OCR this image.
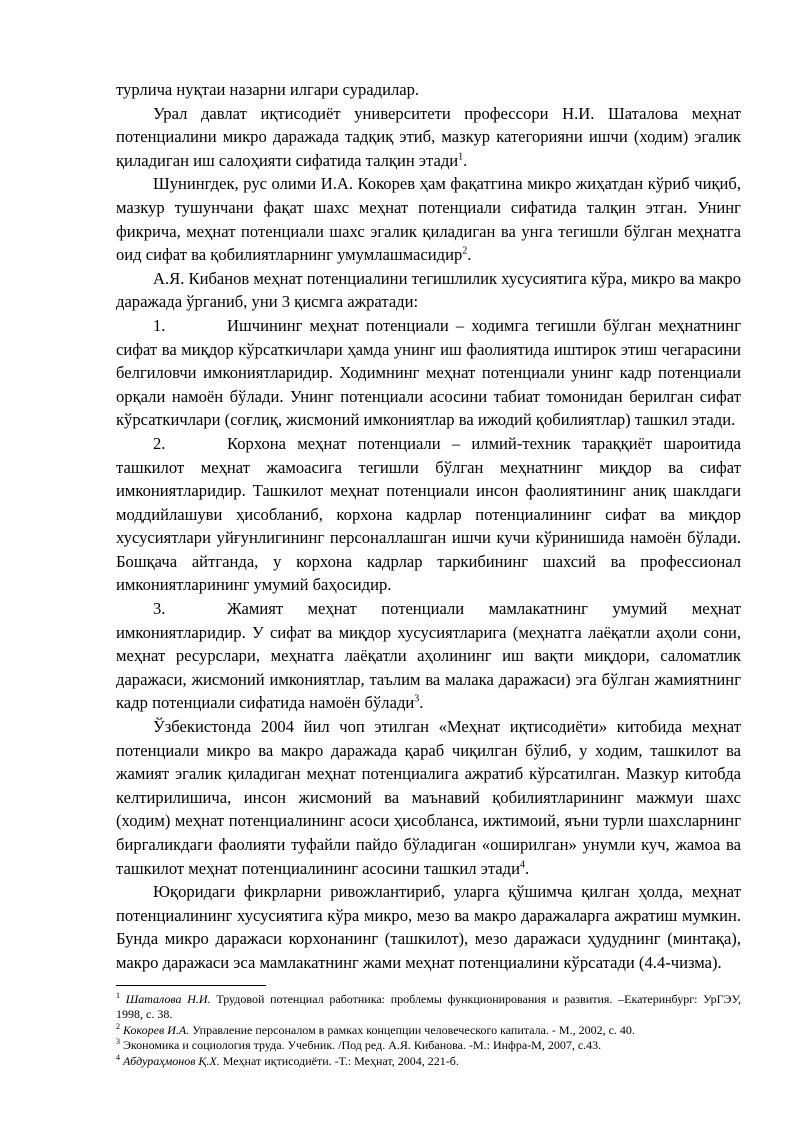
турлича нуқтаи назарни илгари сурадилар.

Урал давлат иқтисодиёт университети профессори Н.И. Шаталова меҳнат потенциалини микро даражада тадқиқ этиб, мазкур категорияни ишчи (ходим) эгалик қиладиган иш салоҳияти сифатида талқин этади$^1$.

Шунингдек, рус олими И.А. Кокорев ҳам фақатгина микро жиҳатдан кўриб чиқиб, мазкур тушунчани фақат шахс меҳнат потенциали сифатида талқин этган. Унинг фикрича, меҳнат потенциали шахс эгалик қиладиган ва унга тегишли бўлган меҳнатга оид сифат ва қобилиятларнинг умумлашмасидир$^2$.

А.Я. Кибанов меҳнат потенциалини тегишлилик хусусиятига кўра, микро ва макро даражада ўрганиб, уни 3 қисмга ажратади:

1.	Ишчининг меҳнат потенциали – ходимга тегишли бўлган меҳнатнинг сифат ва миқдор кўрсаткичлари ҳамда унинг иш фаолиятида иштирок этиш чегарасини белгиловчи имкониятларидир. Ходимнинг меҳнат потенциали унинг кадр потенциали орқали намоён бўлади. Унинг потенциали асосини табиат томонидан берилган сифат кўрсаткичлари (соғлиқ, жисмоний имкониятлар ва ижодий қобилиятлар) ташкил этади.

2.	Корхона меҳнат потенциали – илмий-техник тараққиёт шароитида ташкилот меҳнат жамоасига тегишли бўлган меҳнатнинг миқдор ва сифат имкониятларидир. Ташкилот меҳнат потенциали инсон фаолиятининг аниқ шаклдаги моддийлашуви ҳисобланиб, корхона кадрлар потенциалининг сифат ва миқдор хусусиятлари уйғунлигининг персоналлашган ишчи кучи кўринишида намоён бўлади. Бошқача айтганда, у корхона кадрлар таркибининг шахсий ва профессионал имкониятларининг умумий баҳосидир.

3.	Жамият меҳнат потенциали мамлакатнинг умумий меҳнат имкониятларидир. У сифат ва миқдор хусусиятларига (меҳнатга лаёқатли аҳоли сони, меҳнат ресурслари, меҳнатга лаёқатли аҳолининг иш вақти миқдори, саломатлик даражаси, жисмоний имкониятлар, таълим ва малака даражаси) эга бўлган жамиятнинг кадр потенциали сифатида намоён бўлади$^3$.

Ўзбекистонда 2004 йил чоп этилган «Меҳнат иқтисодиёти» китобида меҳнат потенциали микро ва макро даражада қараб чиқилган бўлиб, у ходим, ташкилот ва жамият эгалик қиладиган меҳнат потенциалига ажратиб кўрсатилган. Мазкур китобда келтирилишича, инсон жисмоний ва маънавий қобилиятларининг мажмуи шахс (ходим) меҳнат потенциалининг асоси ҳисобланса, ижтимоий, яъни турли шахсларнинг биргаликдаги фаолияти туфайли пайдо бўладиган «оширилган» унумли куч, жамоа ва ташкилот меҳнат потенциалининг асосини ташкил этади$^4$.

Юқоридаги фикрларни ривожлантириб, уларга қўшимча қилган ҳолда, меҳнат потенциалининг хусусиятига кўра микро, мезо ва макро даражаларга ажратиш мумкин. Бунда микро даражаси корхонанинг (ташкилот), мезо даражаси ҳудуднинг (минтақа), макро даражаси эса мамлакатнинг жами меҳнат потенциалини кўрсатади (4.4-чизма).

$^1$ Шаталова Н.И. Трудовой потенциал работника: проблемы функционирования и развития. –Екатеринбург: УрГЭУ, 1998, с. 38.

$^2$ Кокорев И.А. Управление персоналом в рамках концепции человеческого капитала. - М., 2002, с. 40.

$^3$ Экономика и социология труда. Учебник. /Под ред. А.Я. Кибанова. -М.: Инфра-М, 2007, с.43.

$^4$ Абдураҳмонов Қ.Х. Меҳнат иқтисодиёти. -Т.: Меҳнат, 2004, 221-б.
